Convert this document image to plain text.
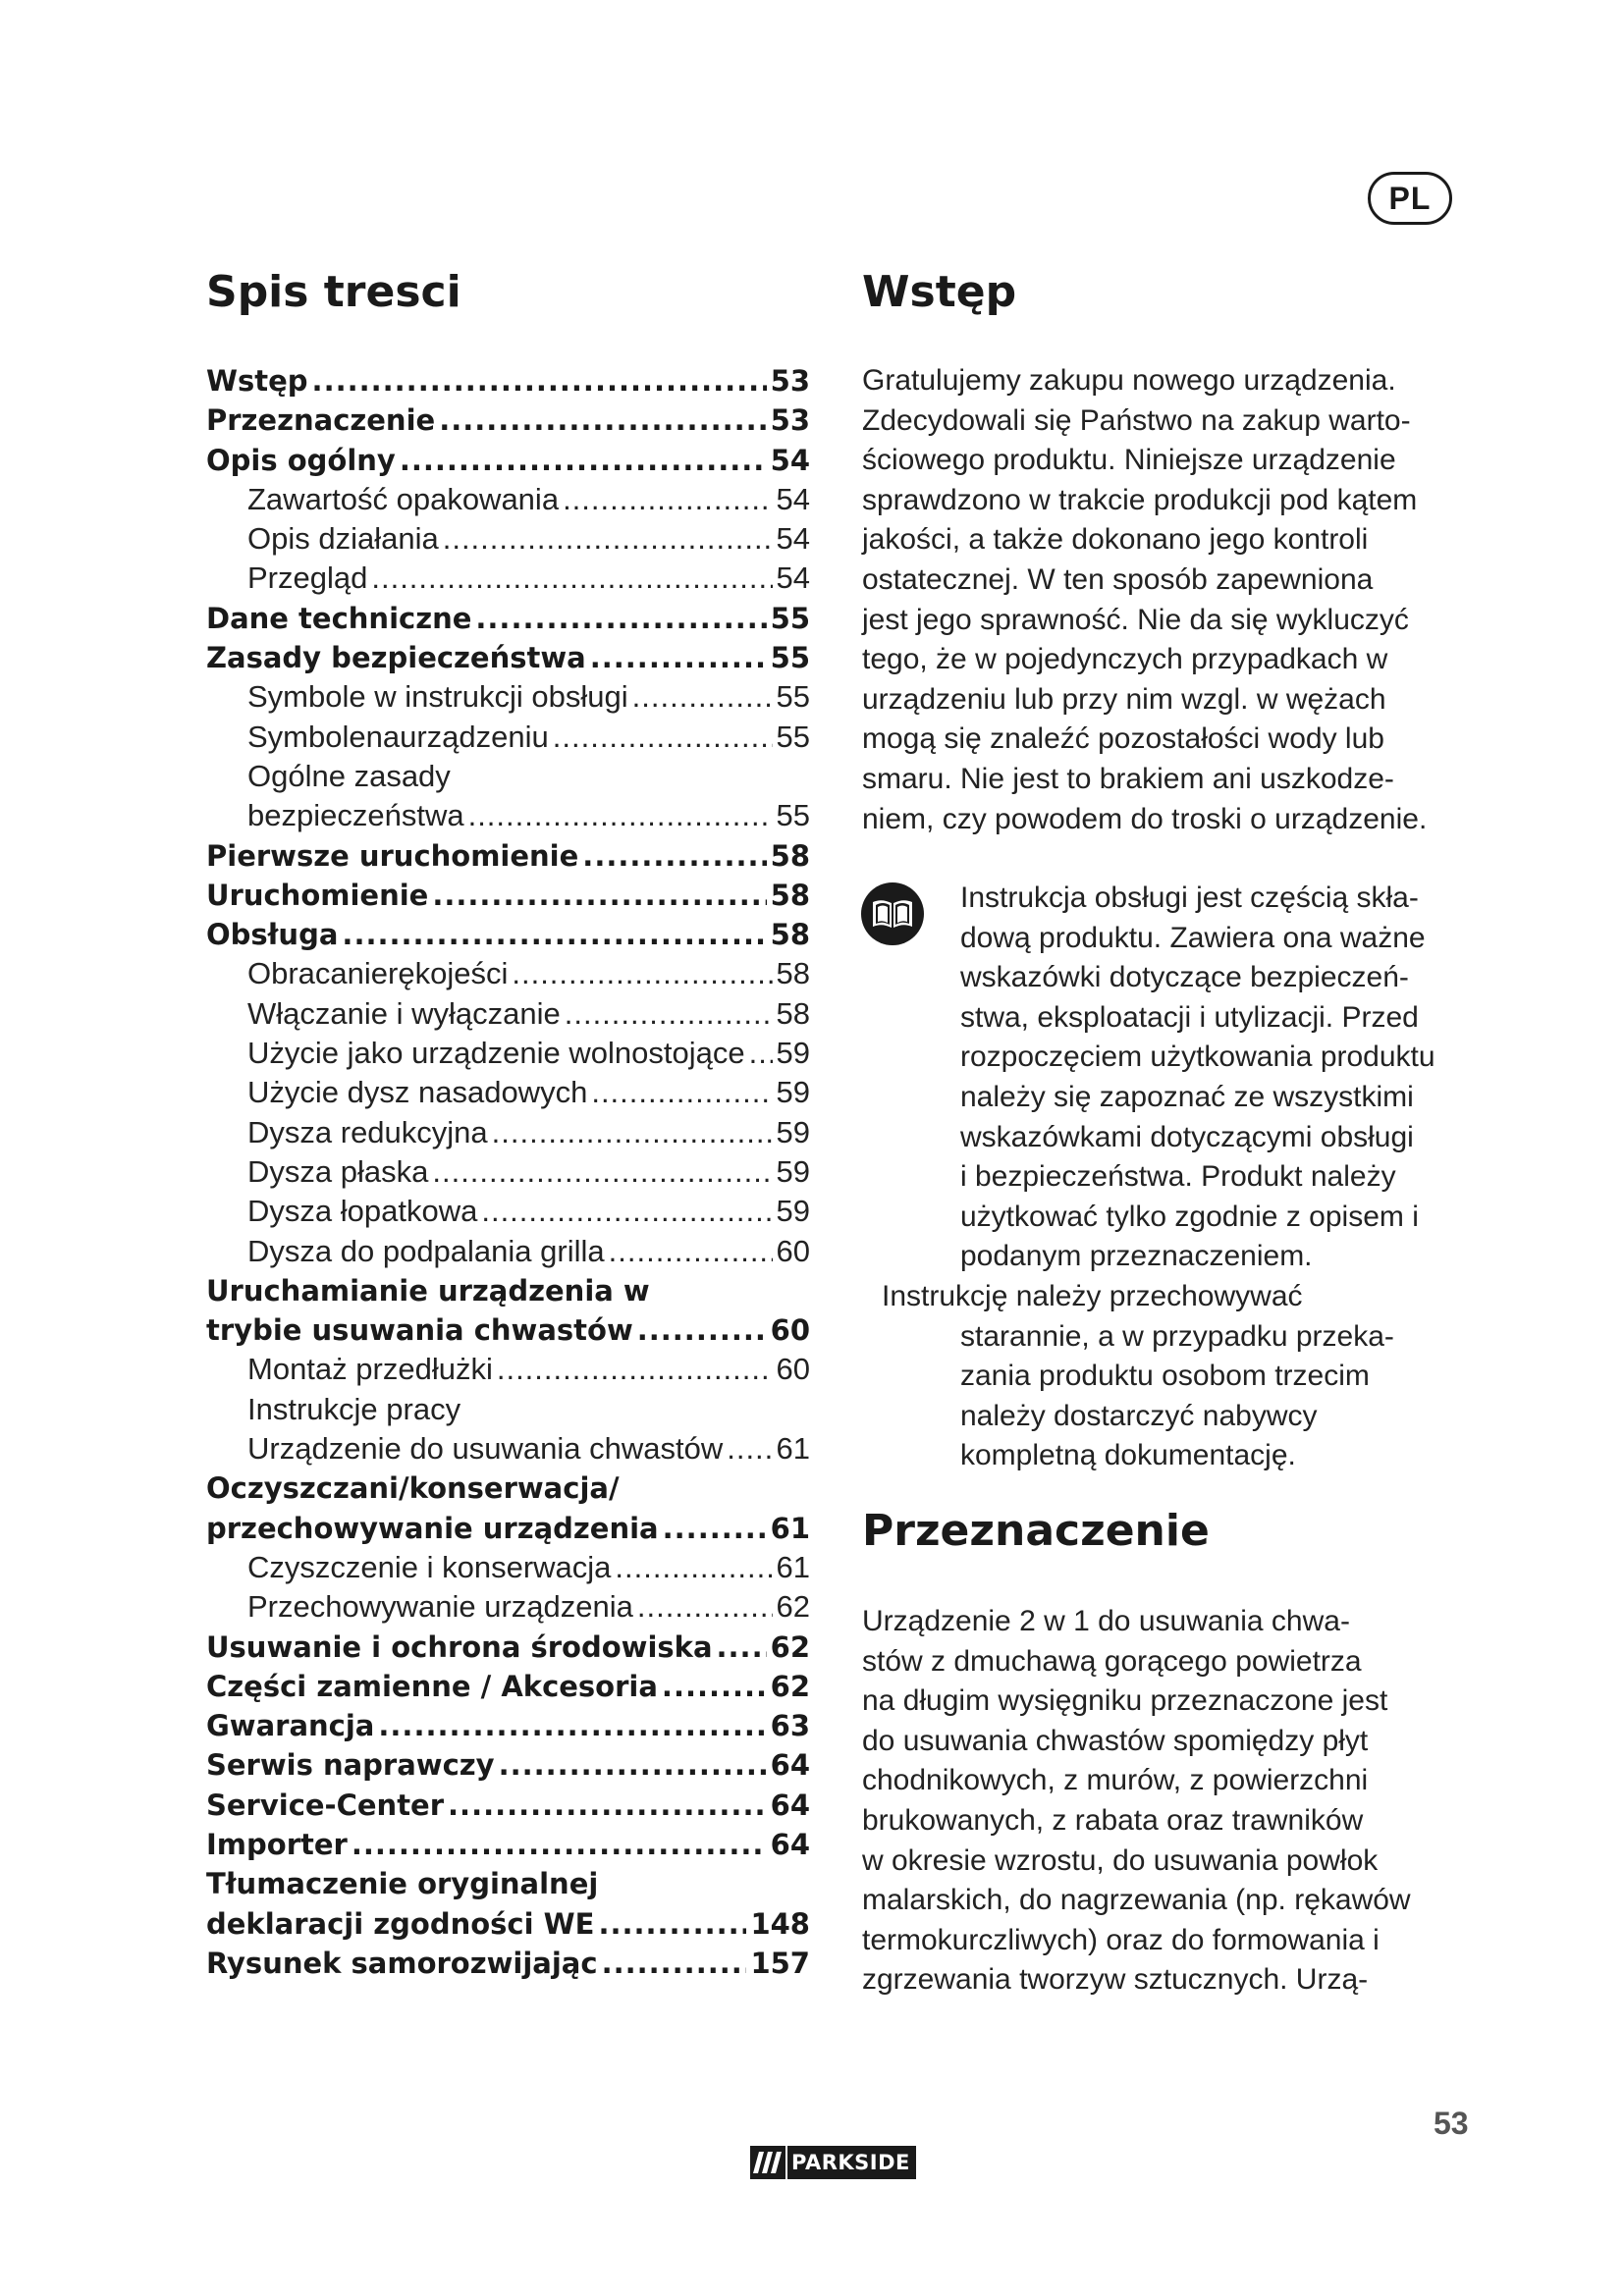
PL
Spis tresci
Wstęp .....	53
Przeznaczenie .....	53
Opis ogólny .....	54
Zawartość opakowania .....	54
Opis działania .....	54
Przegląd .....	54
Dane techniczne .....	55
Zasady bezpieczeństwa .....	55
Symbole w instrukcji obsługi .....	55
Symbolenaurządzeniu .....	55
Ogólne zasady
bezpieczeństwa .....	55
Pierwsze uruchomienie .....	58
Uruchomienie .....	58
Obsługa .....	58
Obracanierękojeści .....	58
Włączanie i wyłączanie .....	58
Użycie jako urządzenie wolnostojące ..... 59
Użycie dysz nasadowych .....	59
Dysza redukcyjna .....	59
Dysza płaska .....	59
Dysza łopatkowa .....	59
Dysza do podpalania grilla .....	60
Uruchamianie urządzenia w
trybie usuwania chwastów .....	60
Montaż przedłużki .....	60
Instrukcje pracy
Urządzenie do usuwania chwastów ..... 61
Oczyszczani/konserwacja/
przechowywanie urządzenia .....	61
Czyszczenie i konserwacja .....	61
Przechowywanie urządzenia .....	62
Usuwanie i ochrona środowiska ..... 62
Części zamienne / Akcesoria .....	62
Gwarancja .....	63
Serwis naprawczy .....	64
Service-Center .....	64
Importer .....	64
Tłumaczenie oryginalnej
deklaracji zgodności WE .....	148
Rysunek samorozwijając .....	157
Wstęp
Gratulujemy zakupu nowego urządzenia.
Zdecydowali się Państwo na zakup warto-
ściowego produktu. Niniejsze urządzenie
sprawdzono w trakcie produkcji pod kątem
jakości, a także dokonano jego kontroli
ostatecznej. W ten sposób zapewniona
jest jego sprawność. Nie da się wykluczyć
tego, że w pojedynczych przypadkach w
urządzeniu lub przy nim wzgl. w wężach
mogą się znaleźć pozostałości wody lub
smaru. Nie jest to brakiem ani uszkodze-
niem, czy powodem do troski o urządzenie.
Instrukcja obsługi jest częścią skła-
dową produktu. Zawiera ona ważne
wskazówki dotyczące bezpieczeń-
stwa, eksploatacji i utylizacji. Przed
rozpoczęciem użytkowania produktu
należy się zapoznać ze wszystkimi
wskazówkami dotyczącymi obsługi
i bezpieczeństwa. Produkt należy
użytkować tylko zgodnie z opisem i
podanym przeznaczeniem.
Instrukcję należy przechowywać
starannie, a w przypadku przeka-
zania produktu osobom trzecim
należy dostarczyć nabywcy
kompletną dokumentację.
Przeznaczenie
Urządzenie 2 w 1 do usuwania chwa-
stów z dmuchawą gorącego powietrza
na długim wysięgniku przeznaczone jest
do usuwania chwastów spomiędzy płyt
chodnikowych, z murów, z powierzchni
brukowanych, z rabata oraz trawników
w okresie wzrostu, do usuwania powłok
malarskich, do nagrzewania (np. rękawów
termokurczliwych) oraz do formowania i
zgrzewania tworzyw sztucznych. Urzą-
53
PARKSIDE
